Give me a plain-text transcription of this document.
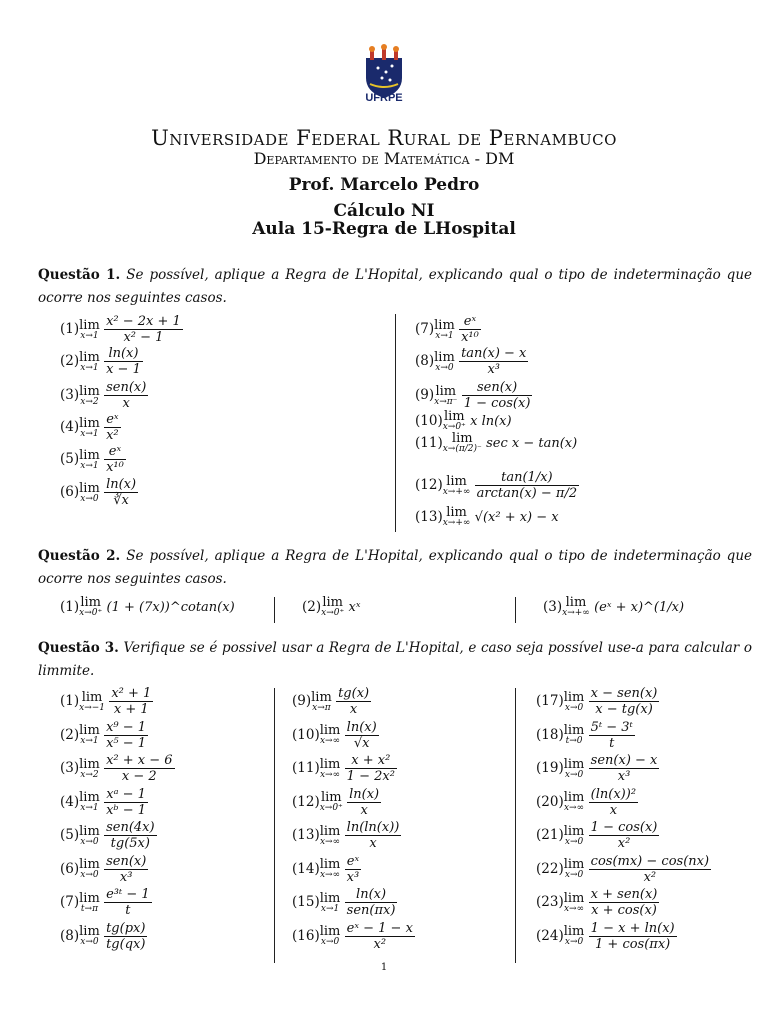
UFRPE
Universidade Federal Rural de Pernambuco
Departamento de Matemática - DM
Prof. Marcelo Pedro
Cálculo NI
Aula 15-Regra de LHospital
Questão 1. Se possível, aplique a Regra de L'Hopital, explicando qual o tipo de indeterminação que ocorre nos seguintes casos.
(1) lim
x→1
$\frac{\text{x² − 2x + 1}}{\text{x² − 1}}$
(2) lim
x→1
$\frac{\ln(x)}{x - 1}$
(3) lim
x→2
$\frac{\text{sen(x)}}{x}$
(4) lim
x→1
$\frac{\text{eˣ}}{\text{x²}}$
(5) lim
x→1
$\frac{\text{eˣ}}{\text{x¹⁰}}$
(6) lim
x→0
$\frac{\ln(x)}{∛x}$
(7) lim
x→1
$\frac{\text{eˣ}}{\text{x¹⁰}}$
(8) lim
x→0
$\frac{\tan(x) - x}{\text{x³}}$
(9) lim
x→π⁻
$\frac{\text{sen(x)}}{1 - \cos(x)}$
(10) lim
x→0⁺ x ln(x)
(11) lim
x→(π/2)⁻ sec x − tan(x)
(12) lim
x→+∞
$\frac{\tan(1/x)}{\arctan(x) - \pi/2}$
(13) lim
x→+∞ √(x² + x) − x
Questão 2. Se possível, aplique a Regra de L'Hopital, explicando qual o tipo de indeterminação que ocorre nos seguintes casos.
(1) lim
x→0⁺ (1 + (7x))^cotan(x)	(2) lim
x→0⁺ xˣ	(3) lim
x→+∞ (eˣ + x)^(1/x)
Questão 3. Verifique se é possivel usar a Regra de L'Hopital, e caso seja possível use-a para calcular o limmite.
(1) lim
x→−1
$\frac{\text{x² + 1}}{x + 1}$
(2) lim
x→1
$\frac{\text{x⁹ − 1}}{\text{x⁵ − 1}}$
(3) lim
x→2
$\frac{\text{x² + x − 6}}{x - 2}$
(4) lim
x→1
$\frac{\text{xᵃ − 1}}{\text{xᵇ − 1}}$
(5) lim
x→0
$\frac{\text{sen(4x)}}{tg(5x)}$
(6) lim
x→0
$\frac{\text{sen(x)}}{\text{x³}}$
(7) lim
t→π
$\frac{\text{e³ᵗ − 1}}{t}$
(8) lim
x→0
$\frac{tg(px)}{tg(qx)}$
(9) lim
x→π
$\frac{tg(x)}{x}$
(10) lim
x→∞
$\frac{\ln(x)}{√x}$
(11) lim
x→∞
$\frac{\text{x + x²}}{\text{1 − 2x²}}$
(12) lim
x→0⁺
$\frac{\ln(x)}{x}$
(13) lim
x→∞
$\frac{\ln(\ln(x))}{x}$
(14) lim
x→∞
$\frac{\text{eˣ}}{\text{x³}}$
(15) lim
x→1
$\frac{\ln(x)}{\text{sen(πx)}}$
(16) lim
x→0
$\frac{\text{eˣ − 1 − x}}{\text{x²}}$
(17) lim
x→0
$\frac{\text{x − sen(x)}}{x - tg(x)}$
(18) lim
t→0
$\frac{\text{5ᵗ − 3ᵗ}}{t}$
(19) lim
x→0
$\frac{\text{sen(x) − x}}{\text{x³}}$
(20) lim
x→∞
$\frac{\text{(ln(x))²}}{x}$
(21) lim
x→0
$\frac{1 - \cos(x)}{\text{x²}}$
(22) lim
x→0
$\frac{\cos(mx) - \cos(nx)}{\text{x²}}$
(23) lim
x→∞
$\frac{\text{x + sen(x)}}{x + \cos(x)}$
(24) lim
x→0
$\frac{1 - x + \ln(x)}{1 + \cos(\pi x)}$
1
